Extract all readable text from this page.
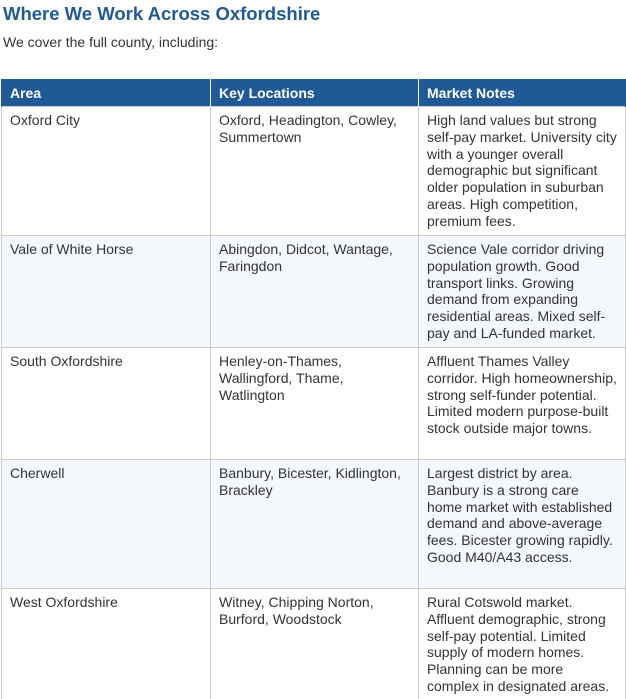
Where We Work Across Oxfordshire

We cover the full county, including:

Area	Key Locations	Market Notes
Oxford City	Oxford, Headington, Cowley, Summertown	High land values but strong self-pay market. University city with a younger overall demographic but significant older population in suburban areas. High competition, premium fees.
Vale of White Horse	Abingdon, Didcot, Wantage, Faringdon	Science Vale corridor driving population growth. Good transport links. Growing demand from expanding residential areas. Mixed self-pay and LA-funded market.
South Oxfordshire	Henley-on-Thames, Wallingford, Thame, Watlington	Affluent Thames Valley corridor. High homeownership, strong self-funder potential. Limited modern purpose-built stock outside major towns.
Cherwell	Banbury, Bicester, Kidlington, Brackley	Largest district by area. Banbury is a strong care home market with established demand and above-average fees. Bicester growing rapidly. Good M40/A43 access.
West Oxfordshire	Witney, Chipping Norton, Burford, Woodstock	Rural Cotswold market. Affluent demographic, strong self-pay potential. Limited supply of modern homes. Planning can be more complex in designated areas.
